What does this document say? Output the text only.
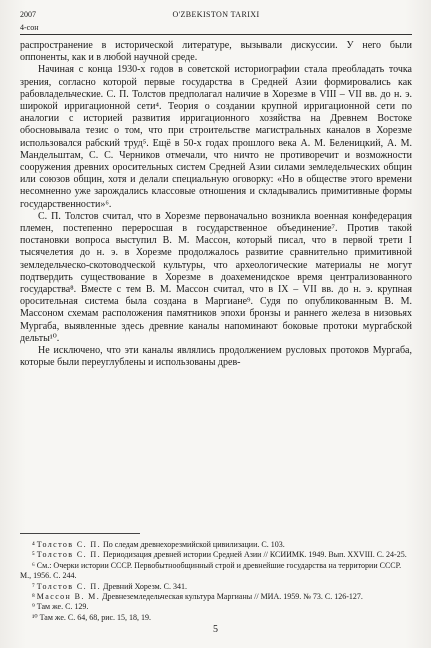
2007	O'ZBEKISTON TARIXI
4-сон

распространение в исторической литературе, вызывали дискуссии. У него были оппоненты, как и в любой научной среде.

Начиная с конца 1930-х годов в советской историографии стала преобладать точка зрения, согласно которой первые государства в Средней Азии формировались как рабовладельческие. С. П. Толстов предполагал наличие в Хорезме в VIII – VII вв. до н. э. широкой ирригационной сети⁴. Теория о создании крупной ирригационной сети по аналогии с историей развития ирригационного хозяйства на Древнем Востоке обосновывала тезис о том, что при строительстве магистральных каналов в Хорезме использовался рабский труд⁵. Ещё в 50-х годах прошлого века А. М. Беленицкий, А. М. Мандельштам, С. С. Черников отмечали, что ничто не противоречит и возможности сооружения древних оросительных систем Средней Азии силами земледельческих общин или союзов общин, хотя и делали специальную оговорку: «Но в обществе этого времени несомненно уже зарождались классовые отношения и складывались примитивные формы государственности»⁶.

С. П. Толстов считал, что в Хорезме первоначально возникла военная конфедерация племен, постепенно переросшая в государственное объединение⁷. Против такой постановки вопроса выступил В. М. Массон, который писал, что в первой трети I тысячелетия до н. э. в Хорезме продолжалось развитие сравнительно примитивной земледельческо-скотоводческой культуры, что археологические материалы не могут подтвердить существование в Хорезме в доахеменидское время централизованного государства⁸. Вместе с тем В. М. Массон считал, что в IX – VII вв. до н. э. крупная оросительная система была создана в Маргиане⁹. Судя по опубликованным В. М. Массоном схемам расположения памятников эпохи бронзы и раннего железа в низовьях Мургаба, выявленные здесь древние каналы напоминают боковые протоки мургабской дельты¹⁰.

Не исключено, что эти каналы являлись продолжением русловых протоков Мургаба, которые были переуглублены и использованы древ-

⁴ Толстов С. П. По следам древнехорезмийской цивилизации. С. 103.
⁵ Толстов С. П. Периодизация древней истории Средней Азии // КСИИМК. 1949. Вып. XXVIII. С. 24-25.
⁶ См.: Очерки истории СССР. Первобытнообщинный строй и древнейшие государства на территории СССР. М., 1956. С. 244.
⁷ Толстов С. П. Древний Хорезм. С. 341.
⁸ Массон В. М. Древнеземледельческая культура Маргианы // МИА. 1959. № 73. С. 126-127.
⁹ Там же. С. 129.
¹⁰ Там же. С. 64, 68, рис. 15, 18, 19.
5
